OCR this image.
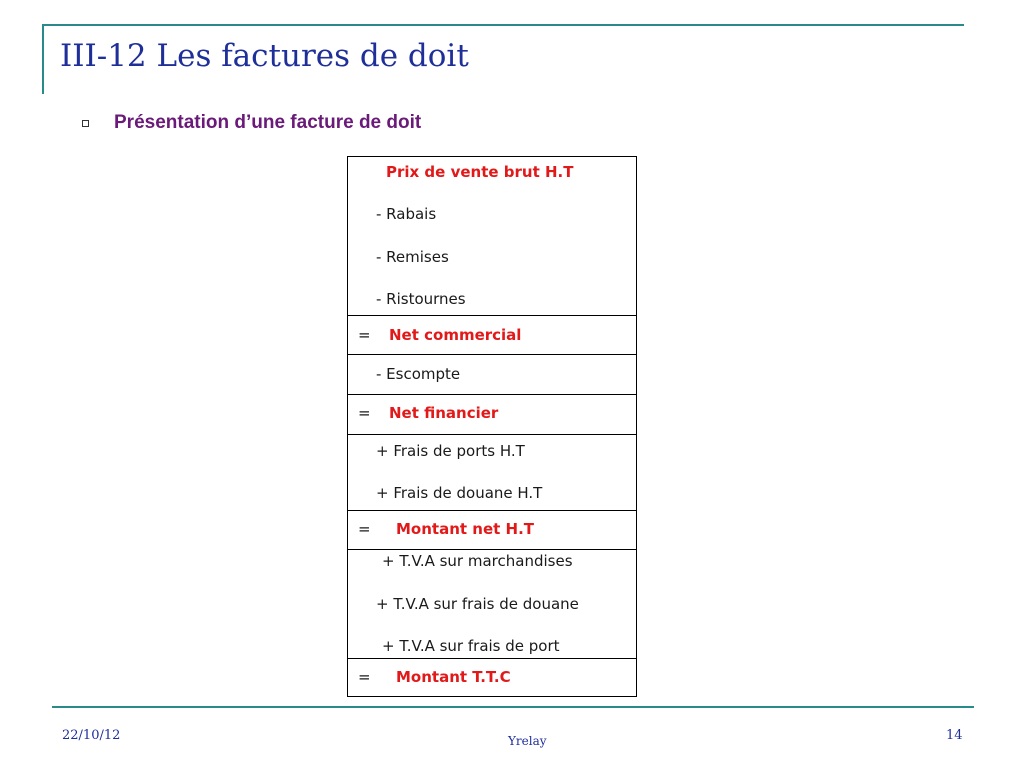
III-12 Les factures de doit
Présentation d’une facture de doit
Prix de vente brut H.T
- Rabais
- Remises
- Ristournes
= Net commercial
- Escompte
= Net financier
+ Frais de ports H.T
+ Frais de douane H.T
= Montant net H.T
+ T.V.A sur marchandises
+ T.V.A sur frais de douane
+ T.V.A sur frais de port
= Montant T.T.C
22/10/12	Yrelay	14
